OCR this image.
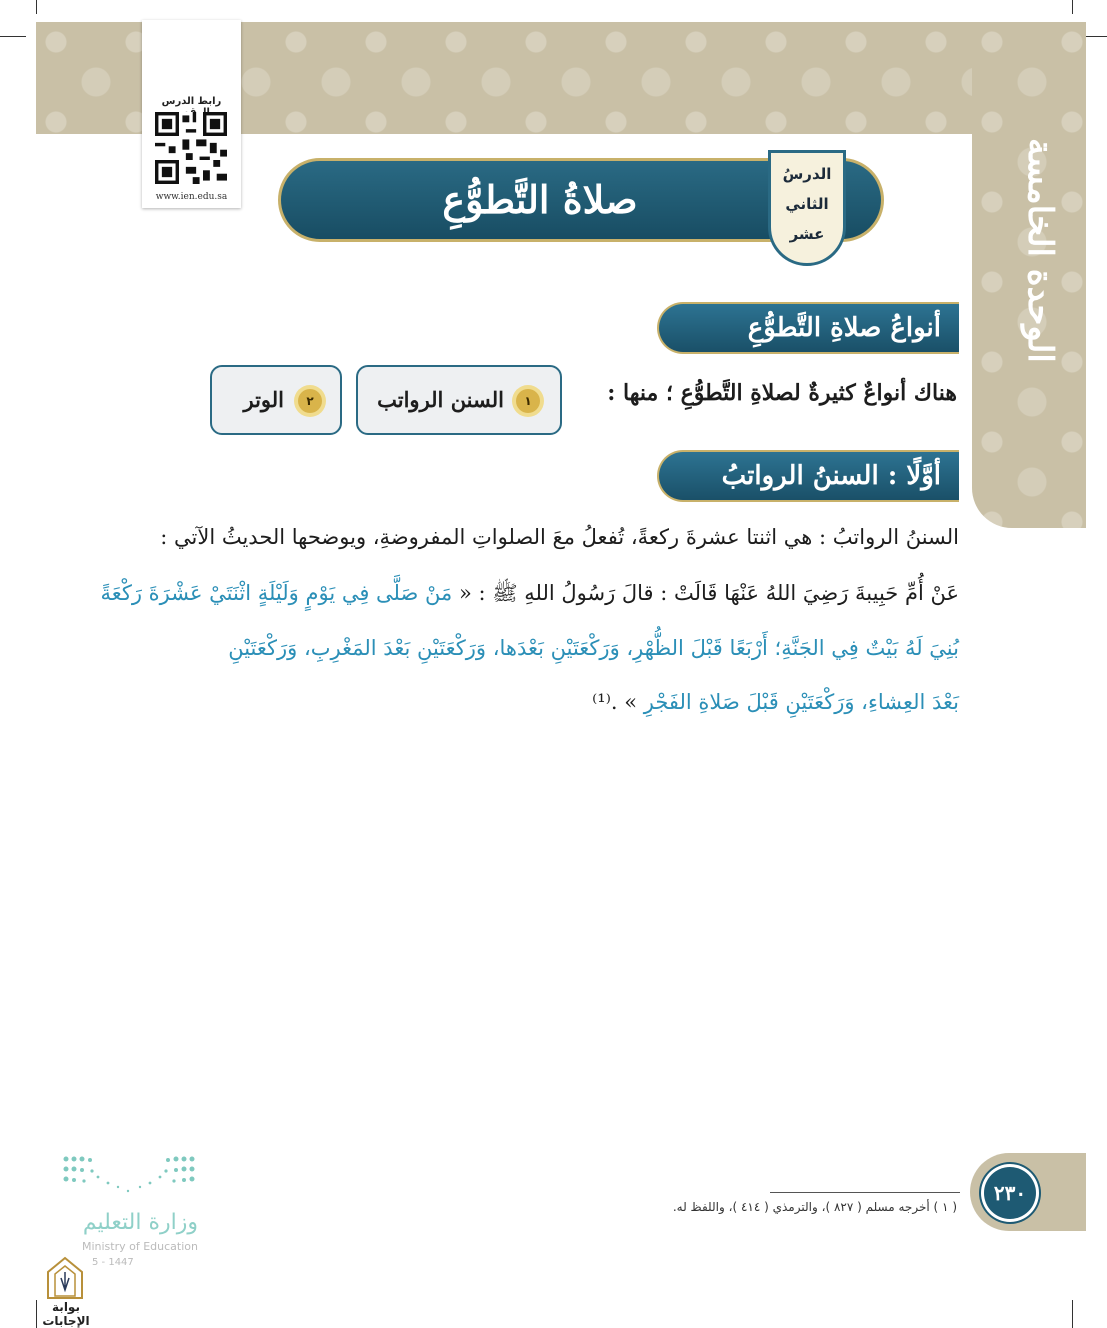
الوحدة الخامسة
رابط الدرس
www.ien.edu.sa	صلاةُ التَّطوُّعِ
الدرسُ
الثاني
عشر
أنواعُ صلاةِ التَّطوُّعِ
هناك أنواعٌ كثيرةٌ لصلاةِ التَّطوُّعِ ؛ منها :
١
السنن الرواتب
٢
الوتر
أوَّلًا : السننُ الرواتبُ
السننُ الرواتبُ : هي اثنتا عشرةَ ركعةً، تُفعلُ معَ الصلواتِ المفروضةِ، ويوضحها الحديثُ الآتي :
عَنْ أُمِّ حَبِيبةَ رَضِيَ اللهُ عَنْهَا قَالَتْ : قالَ رَسُولُ اللهِ ﷺ : « مَنْ صَلَّى فِي يَوْمٍ وَلَيْلَةٍ اثْنَتَيْ عَشْرَةَ رَكْعَةً
بُنِيَ لَهُ بَيْتٌ فِي الجَنَّةِ؛ أَرْبَعًا قَبْلَ الظُّهْرِ، وَرَكْعَتَيْنِ بَعْدَها، وَرَكْعَتَيْنِ بَعْدَ المَغْرِبِ، وَرَكْعَتَيْنِ
بَعْدَ العِشاءِ، وَرَكْعَتَيْنِ قَبْلَ صَلاةِ الفَجْرِ » .⁽¹⁾
٢٣٠
( ١ ) أخرجه مسلم ( ٨٢٧ )، والترمذي ( ٤١٤ )، واللفظ له.
وزارة التعليم
Ministry of Education
5 - 1447
بوابة الإجابات
